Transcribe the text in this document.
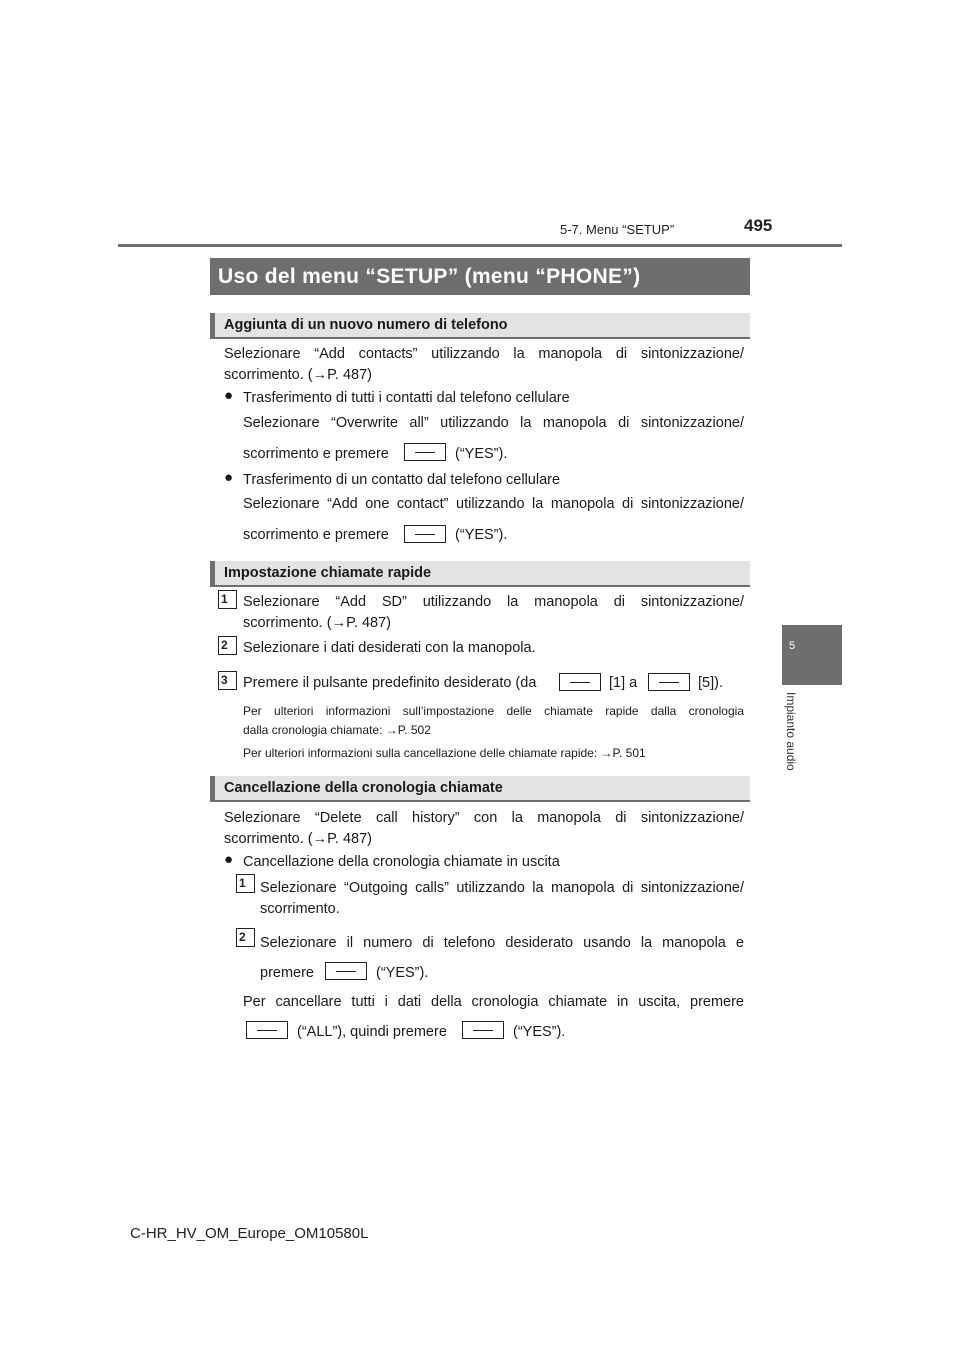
5-7. Menu “SETUP”	495
5
Impianto audio
Uso del menu “SETUP” (menu “PHONE”)
Aggiunta di un nuovo numero di telefono
Selezionare “Add contacts” utilizzando la manopola di sintonizzazione/
scorrimento. (→P. 487)
● Trasferimento di tutti i contatti dal telefono cellulare
Selezionare “Overwrite all” utilizzando la manopola di sintonizzazione/
scorrimento e premere	(“YES”).
● Trasferimento di un contatto dal telefono cellulare
Selezionare “Add one contact” utilizzando la manopola di sintonizzazione/
scorrimento e premere	(“YES”).
Impostazione chiamate rapide
1	Selezionare “Add SD” utilizzando la manopola di sintonizzazione/
scorrimento. (→P. 487)
2	Selezionare i dati desiderati con la manopola.
3	Premere il pulsante predefinito desiderato (da	[1] a	[5]).
Per ulteriori informazioni sull’impostazione delle chiamate rapide dalla cronologia
dalla cronologia chiamate: →P. 502
Per ulteriori informazioni sulla cancellazione delle chiamate rapide: →P. 501
Cancellazione della cronologia chiamate
Selezionare “Delete call history” con la manopola di sintonizzazione/
scorrimento. (→P. 487)
● Cancellazione della cronologia chiamate in uscita
1 Selezionare “Outgoing calls” utilizzando la manopola di sintonizzazione/
scorrimento.
2 Selezionare il numero di telefono desiderato usando la manopola e
premere	(“YES”).
Per cancellare tutti i dati della cronologia chiamate in uscita, premere
(“ALL”), quindi premere	(“YES”).
C-HR_HV_OM_Europe_OM10580L
